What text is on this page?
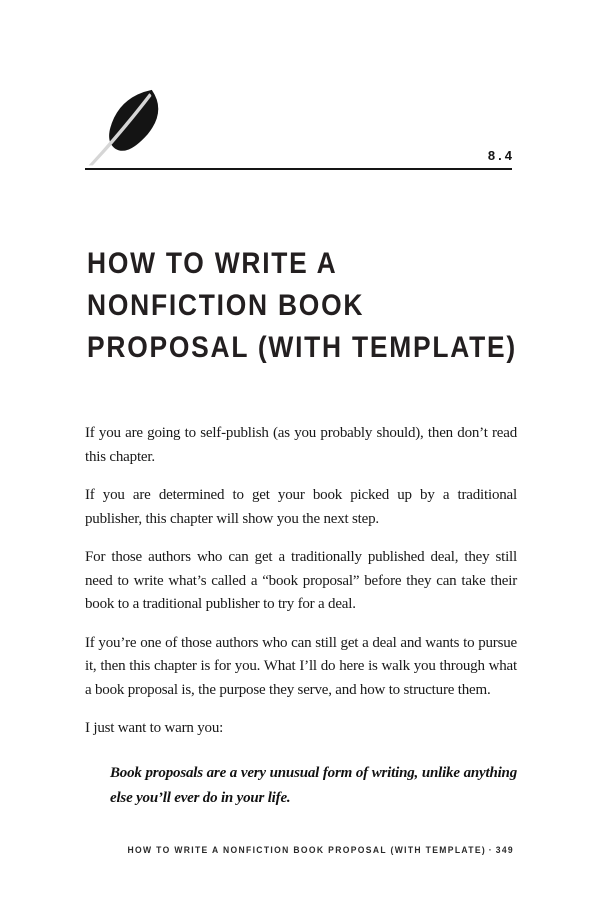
8.4
HOW TO WRITE A
NONFICTION BOOK
PROPOSAL (WITH TEMPLATE)

If you are going to self-publish (as you probably should), then don’t read this chapter.

If you are determined to get your book picked up by a traditional publisher, this chapter will show you the next step.

For those authors who can get a traditionally published deal, they still need to write what’s called a “book proposal” before they can take their book to a traditional publisher to try for a deal.

If you’re one of those authors who can still get a deal and wants to pursue it, then this chapter is for you. What I’ll do here is walk you through what a book proposal is, the purpose they serve, and how to structure them.

I just want to warn you:

Book proposals are a very unusual form of writing, unlike anything else you’ll ever do in your life.
HOW TO WRITE A NONFICTION BOOK PROPOSAL (WITH TEMPLATE) · 349
